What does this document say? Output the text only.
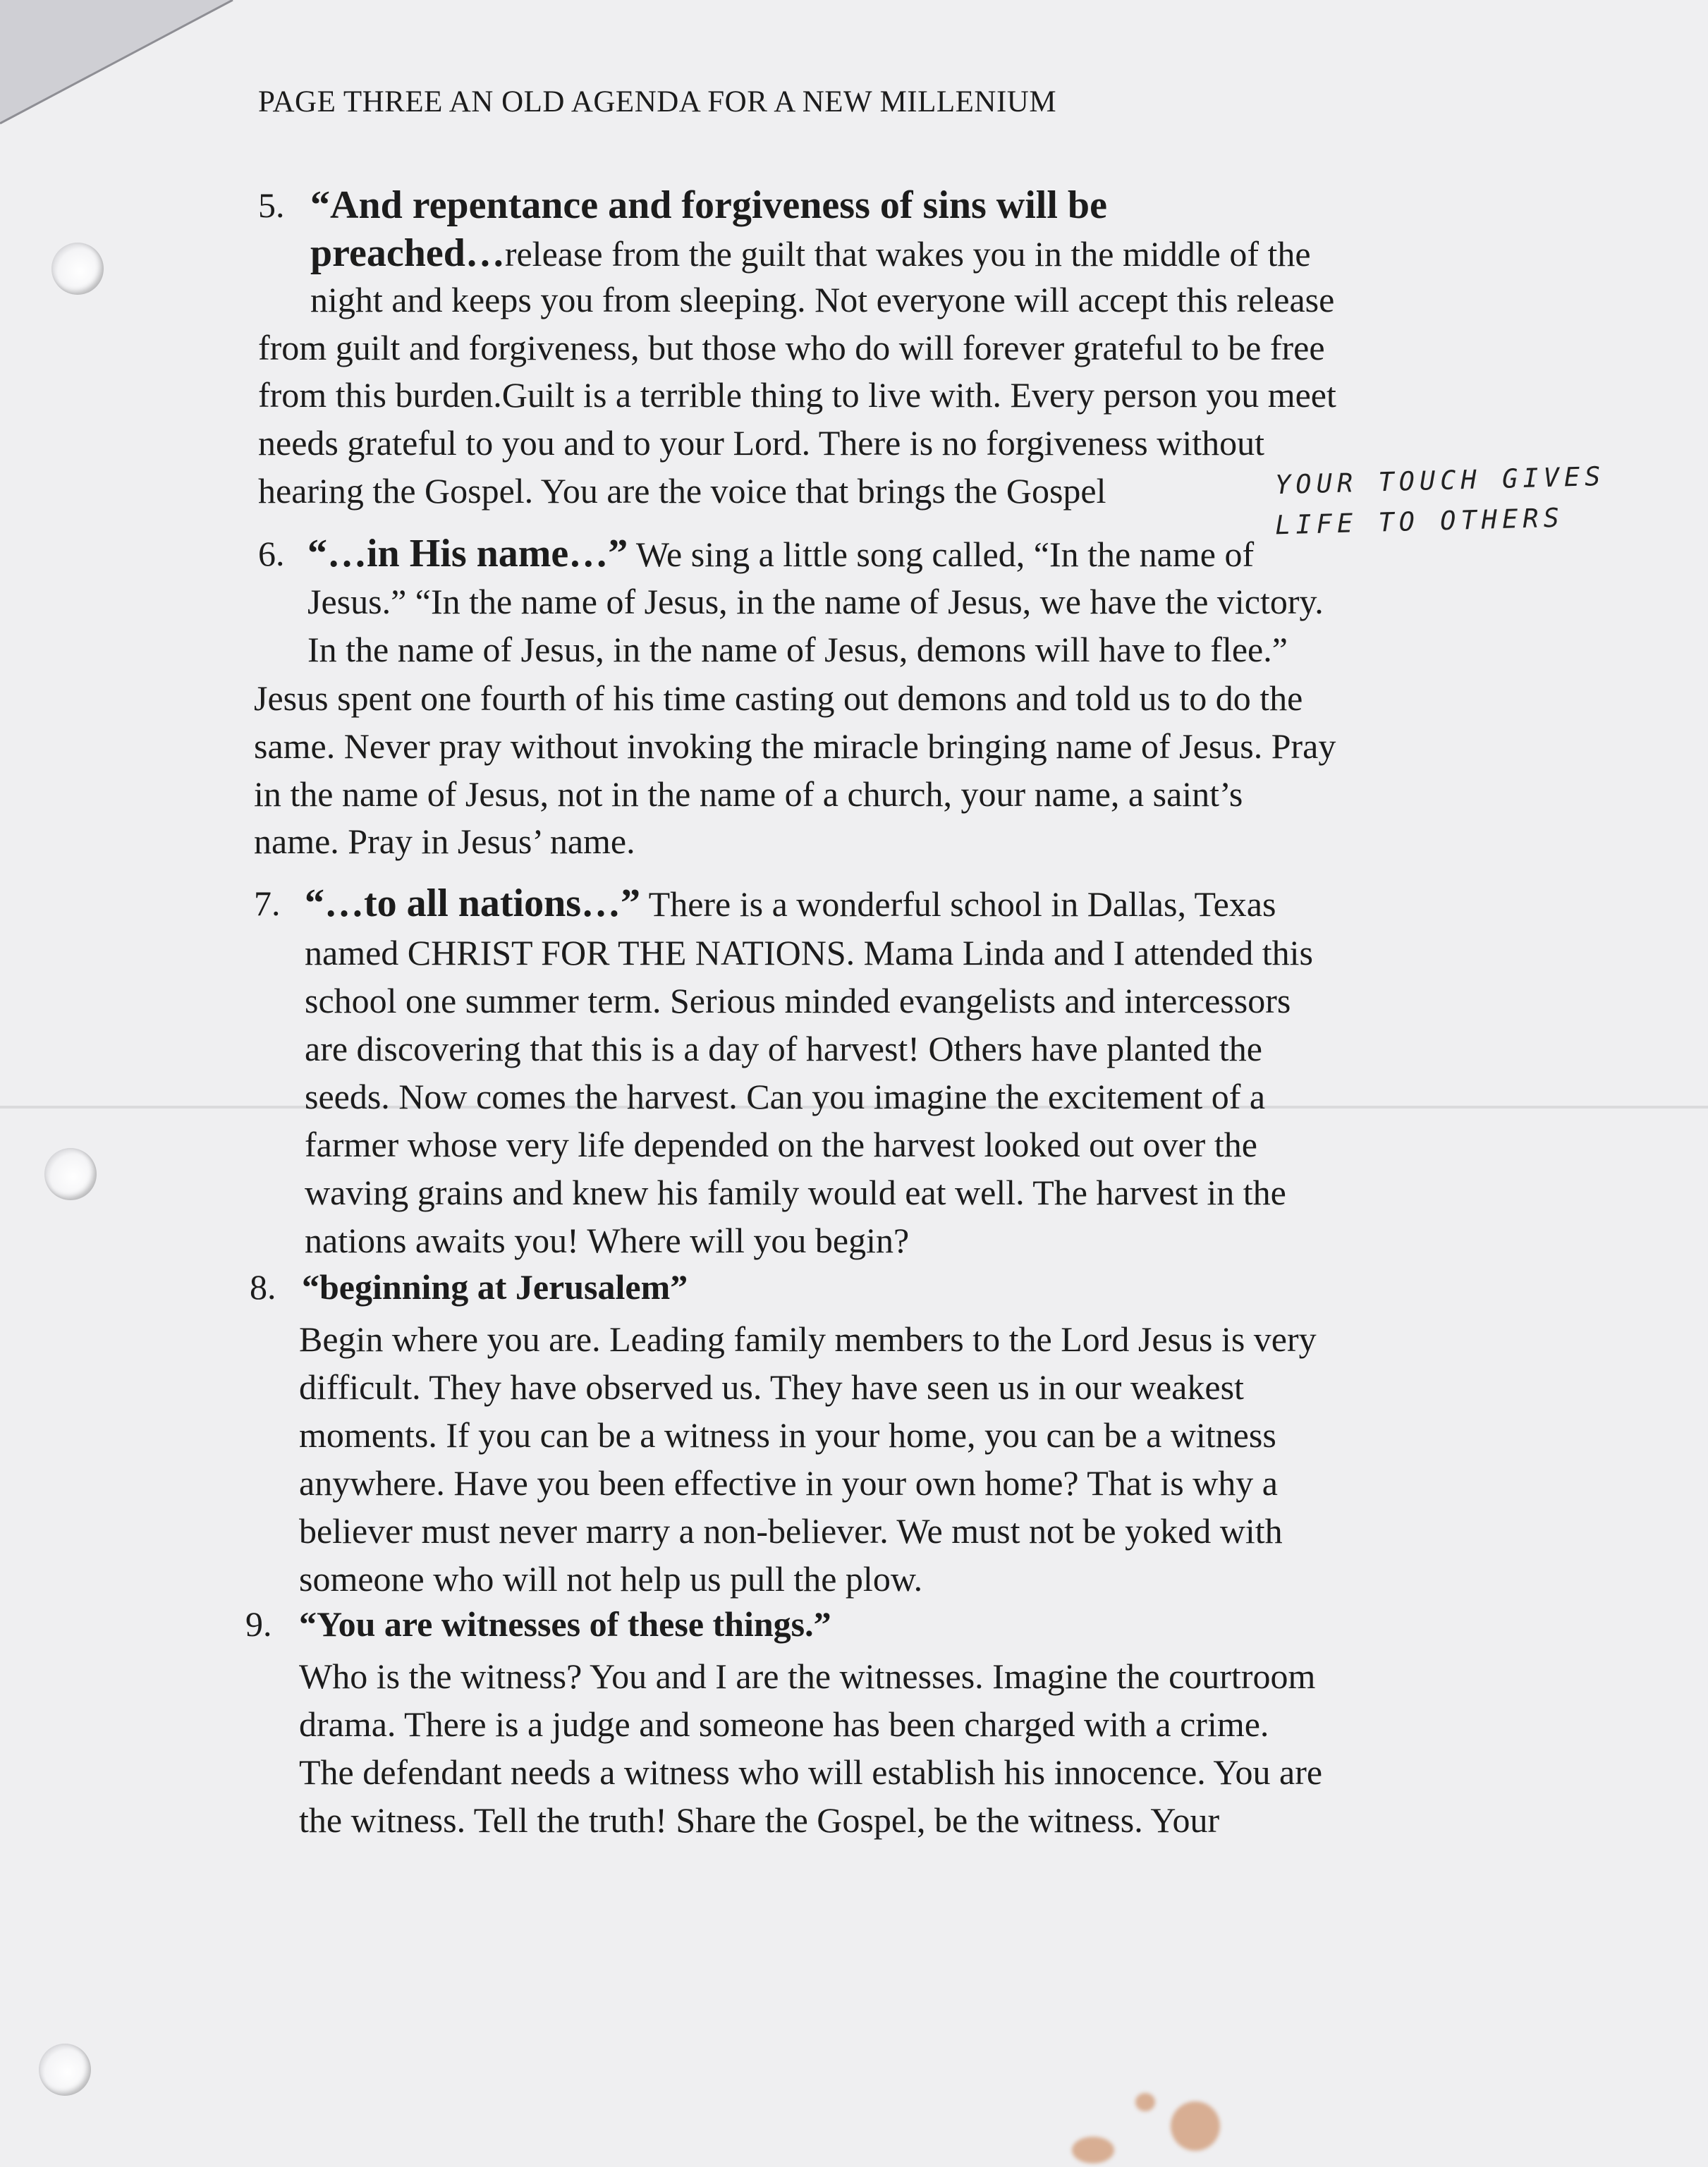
PAGE THREE AN OLD AGENDA FOR A NEW MILLENIUM
5. “And repentance and forgiveness of sins will be
preached…release from the guilt that wakes you in the middle of the
night and keeps you from sleeping. Not everyone will accept this release
from guilt and forgiveness, but those who do will forever grateful to be free
from this burden.Guilt is a terrible thing to live with. Every person you meet
needs grateful to you and to your Lord. There is no forgiveness without
hearing the Gospel. You are the voice that brings the Gospel
6. “…in His name…” We sing a little song called, “In the name of
Jesus.” “In the name of Jesus, in the name of Jesus, we have the victory.
In the name of Jesus, in the name of Jesus, demons will have to flee.”
Jesus spent one fourth of his time casting out demons and told us to do the
same. Never pray without invoking the miracle bringing name of Jesus. Pray
in the name of Jesus, not in the name of a church, your name, a saint’s
name. Pray in Jesus’ name.
7. “…to all nations…” There is a wonderful school in Dallas, Texas
named CHRIST FOR THE NATIONS. Mama Linda and I attended this
school one summer term. Serious minded evangelists and intercessors
are discovering that this is a day of harvest! Others have planted the
seeds. Now comes the harvest. Can you imagine the excitement of a
farmer whose very life depended on the harvest looked out over the
waving grains and knew his family would eat well. The harvest in the
nations awaits you! Where will you begin?
8. “beginning at Jerusalem”
Begin where you are. Leading family members to the Lord Jesus is very
difficult. They have observed us. They have seen us in our weakest
moments. If you can be a witness in your home, you can be a witness
anywhere. Have you been effective in your own home? That is why a
believer must never marry a non-believer. We must not be yoked with
someone who will not help us pull the plow.
9. “You are witnesses of these things.”
Who is the witness? You and I are the witnesses. Imagine the courtroom
drama. There is a judge and someone has been charged with a crime.
The defendant needs a witness who will establish his innocence. You are
the witness. Tell the truth! Share the Gospel, be the witness. Your
YOUR TOUCH GIVES
LIFE TO OTHERS
